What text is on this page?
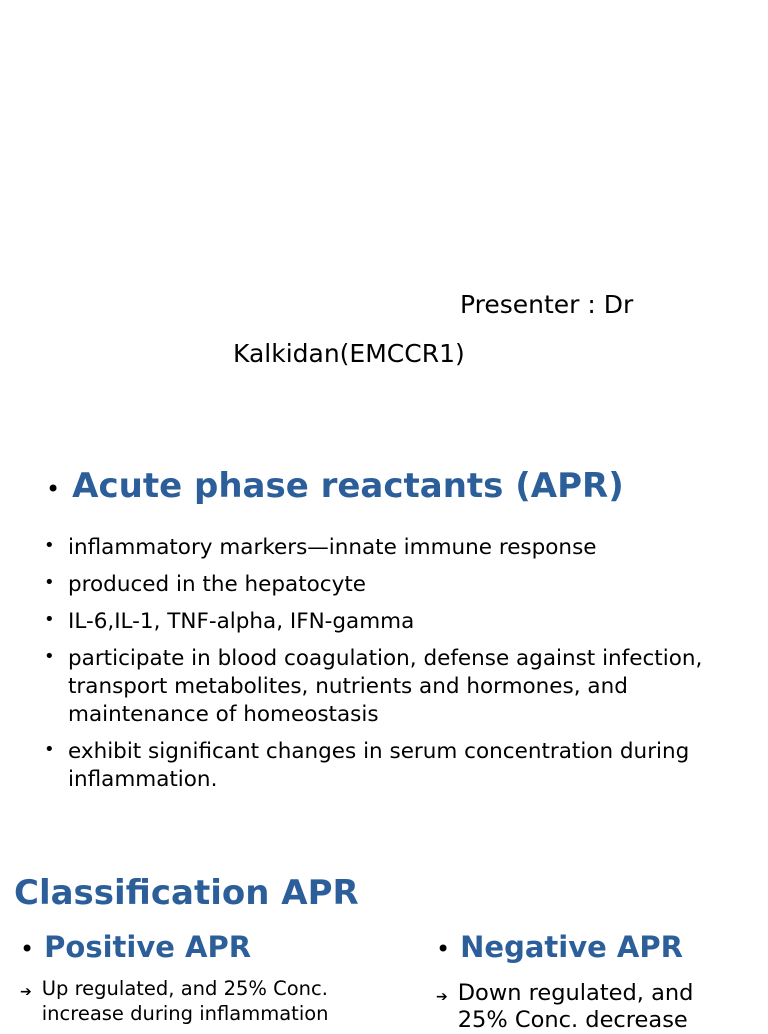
Presenter : Dr
Kalkidan(EMCCR1)
• Acute phase reactants (APR)
• inflammatory markers—innate immune response
• produced in the hepatocyte
• IL-6,IL-1, TNF-alpha, IFN-gamma
• participate in blood coagulation, defense against infection, transport metabolites, nutrients and hormones, and maintenance of homeostasis
• exhibit significant changes in serum concentration during inflammation.
Classification APR
• Positive APR
➔ Up regulated, and 25% Conc. increase during inflammation
• Negative APR
➔ Down regulated, and 25% Conc. decrease
